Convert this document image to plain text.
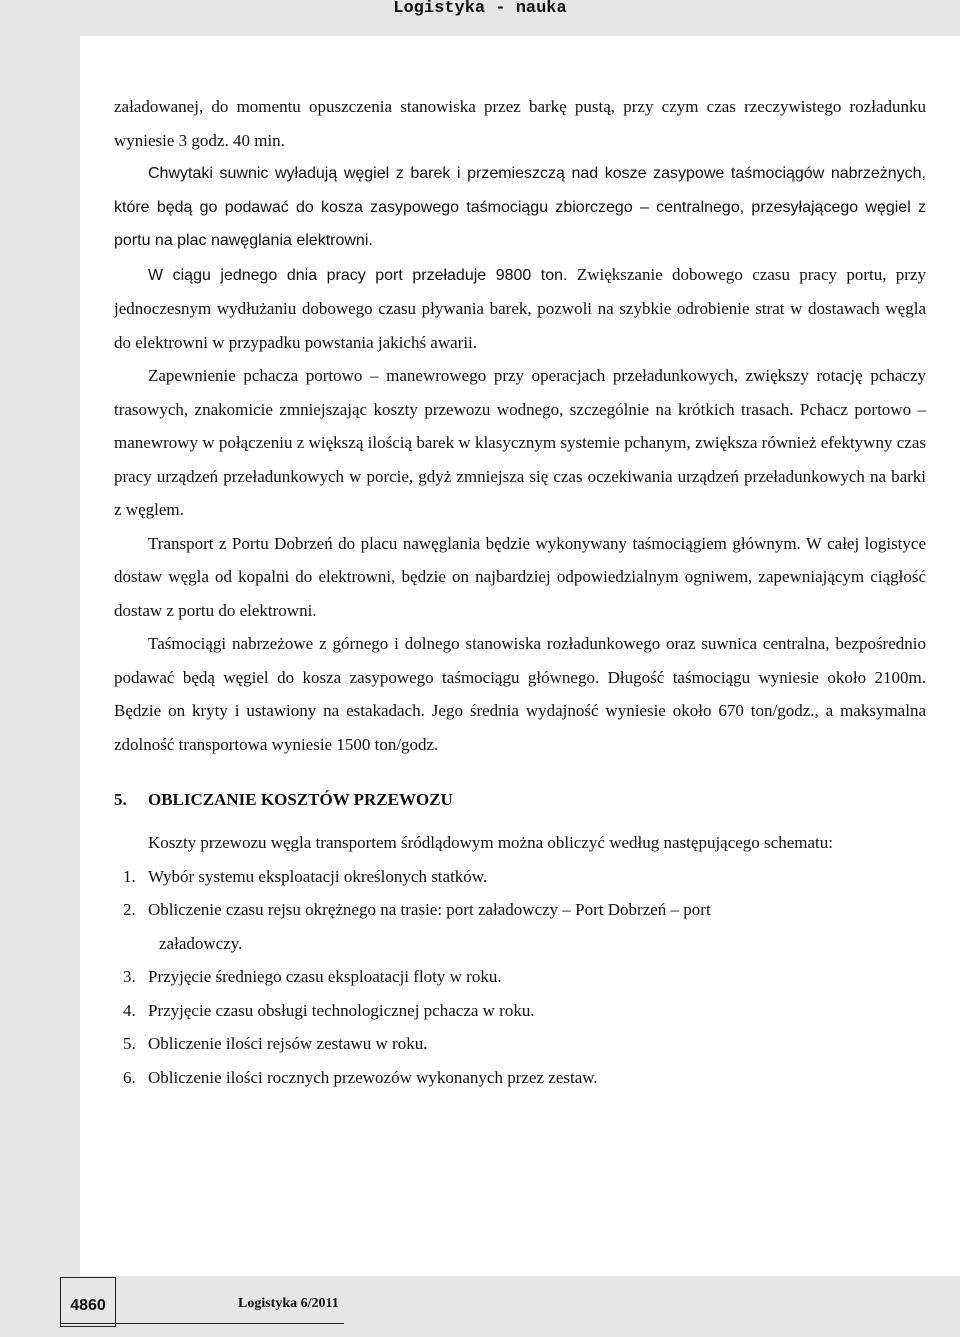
Logistyka - nauka

załadowanej, do momentu opuszczenia stanowiska przez barkę pustą, przy czym czas rzeczywistego rozładunku wyniesie 3 godz. 40 min.

Chwytaki suwnic wyładują węgiel z barek i przemieszczą nad kosze zasypowe taśmociągów nabrzeżnych, które będą go podawać do kosza zasypowego taśmociągu zbiorczego – centralnego, przesyłającego węgiel z portu na plac nawęglania elektrowni.

W ciągu jednego dnia pracy port przeładuje 9800 ton. Zwiększanie dobowego czasu pracy portu, przy jednoczesnym wydłużaniu dobowego czasu pływania barek, pozwoli na szybkie odrobienie strat w dostawach węgla do elektrowni w przypadku powstania jakichś awarii.

Zapewnienie pchacza portowo – manewrowego przy operacjach przeładunkowych, zwiększy rotację pchaczy trasowych, znakomicie zmniejszając koszty przewozu wodnego, szczególnie na krótkich trasach. Pchacz portowo – manewrowy w połączeniu z większą ilością barek w klasycznym systemie pchanym, zwiększa również efektywny czas pracy urządzeń przeładunkowych w porcie, gdyż zmniejsza się czas oczekiwania urządzeń przeładunkowych na barki z węglem.

Transport z Portu Dobrzeń do placu nawęglania będzie wykonywany taśmociągiem głównym. W całej logistyce dostaw węgla od kopalni do elektrowni, będzie on najbardziej odpowiedzialnym ogniwem, zapewniającym ciągłość dostaw z portu do elektrowni.

Taśmociągi nabrzeżowe z górnego i dolnego stanowiska rozładunkowego oraz suwnica centralna, bezpośrednio podawać będą węgiel do kosza zasypowego taśmociągu głównego. Długość taśmociągu wyniesie około 2100m. Będzie on kryty i ustawiony na estakadach. Jego średnia wydajność wyniesie około 670 ton/godz., a maksymalna zdolność transportowa wyniesie 1500 ton/godz.

5. OBLICZANIE KOSZTÓW PRZEWOZU

Koszty przewozu węgla transportem śródlądowym można obliczyć według następującego schematu:

1. Wybór systemu eksploatacji określonych statków.
2. Obliczenie czasu rejsu okrężnego na trasie: port załadowczy – Port Dobrzeń – port
załadowczy.
3. Przyjęcie średniego czasu eksploatacji floty w roku.
4. Przyjęcie czasu obsługi technologicznej pchacza w roku.
5. Obliczenie ilości rejsów zestawu w roku.
6. Obliczenie ilości rocznych przewozów wykonanych przez zestaw.
4860	Logistyka 6/2011
